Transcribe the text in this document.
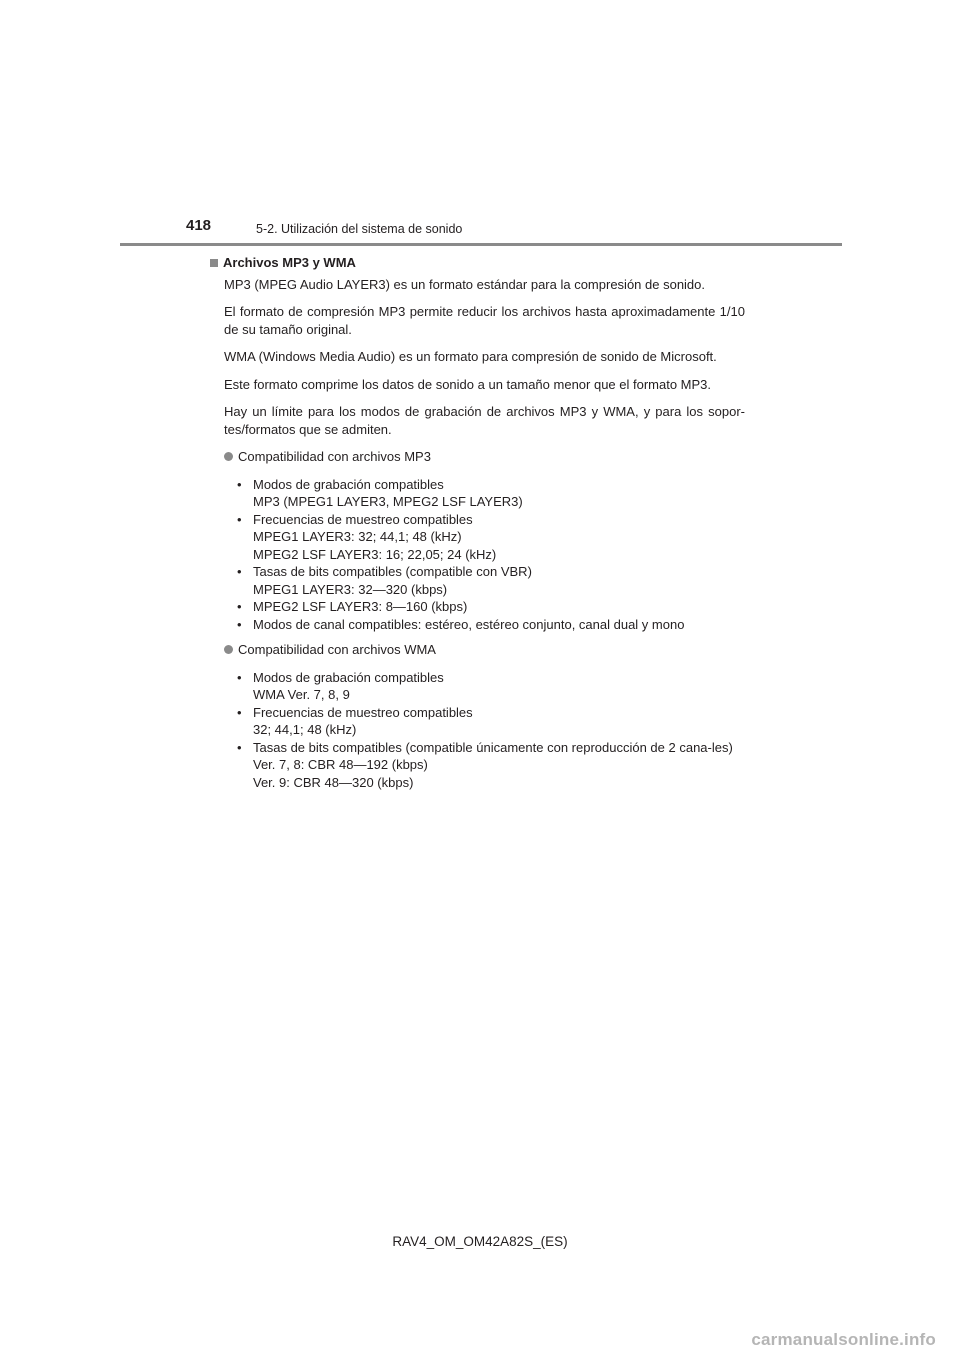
418	5-2. Utilización del sistema de sonido
Archivos MP3 y WMA

MP3 (MPEG Audio LAYER3) es un formato estándar para la compresión de sonido.

El formato de compresión MP3 permite reducir los archivos hasta aproximadamente 1/10 de su tamaño original.

WMA (Windows Media Audio) es un formato para compresión de sonido de Microsoft.

Este formato comprime los datos de sonido a un tamaño menor que el formato MP3.

Hay un límite para los modos de grabación de archivos MP3 y WMA, y para los sopor-tes/formatos que se admiten.

Compatibilidad con archivos MP3
• Modos de grabación compatibles
MP3 (MPEG1 LAYER3, MPEG2 LSF LAYER3)
• Frecuencias de muestreo compatibles
MPEG1 LAYER3: 32; 44,1; 48 (kHz)
MPEG2 LSF LAYER3: 16; 22,05; 24 (kHz)
• Tasas de bits compatibles (compatible con VBR)
MPEG1 LAYER3: 32—320 (kbps)
• MPEG2 LSF LAYER3: 8—160 (kbps)
• Modos de canal compatibles: estéreo, estéreo conjunto, canal dual y mono
Compatibilidad con archivos WMA
• Modos de grabación compatibles
WMA Ver. 7, 8, 9
• Frecuencias de muestreo compatibles
32; 44,1; 48 (kHz)
• Tasas de bits compatibles (compatible únicamente con reproducción de 2 cana-les)
Ver. 7, 8: CBR 48—192 (kbps)
Ver. 9: CBR 48—320 (kbps)
RAV4_OM_OM42A82S_(ES)
carmanualsonline.info
